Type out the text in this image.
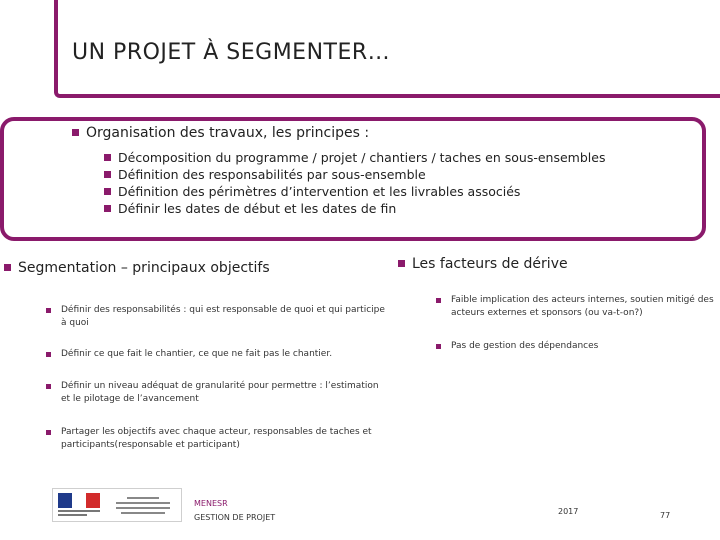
UN PROJET À SEGMENTER…
Organisation des travaux, les principes :
Décomposition du programme / projet / chantiers / taches en sous-ensembles
Définition des responsabilités par sous-ensemble
Définition des périmètres d’intervention et les livrables associés
Définir les dates de début et les dates de fin
Segmentation – principaux objectifs
Définir des responsabilités : qui est responsable de quoi et qui participe à quoi
Définir ce que fait le chantier, ce que ne fait pas le chantier.
Définir un niveau adéquat de granularité pour permettre : l’estimation et le pilotage de l’avancement
Partager les objectifs avec chaque acteur, responsables de taches et participants(responsable et participant)
Les facteurs de dérive
Faible implication des acteurs internes, soutien mitigé des acteurs externes et sponsors (ou va-t-on?)
Pas de gestion des dépendances
MENESR
GESTION DE PROJET
2017	77
